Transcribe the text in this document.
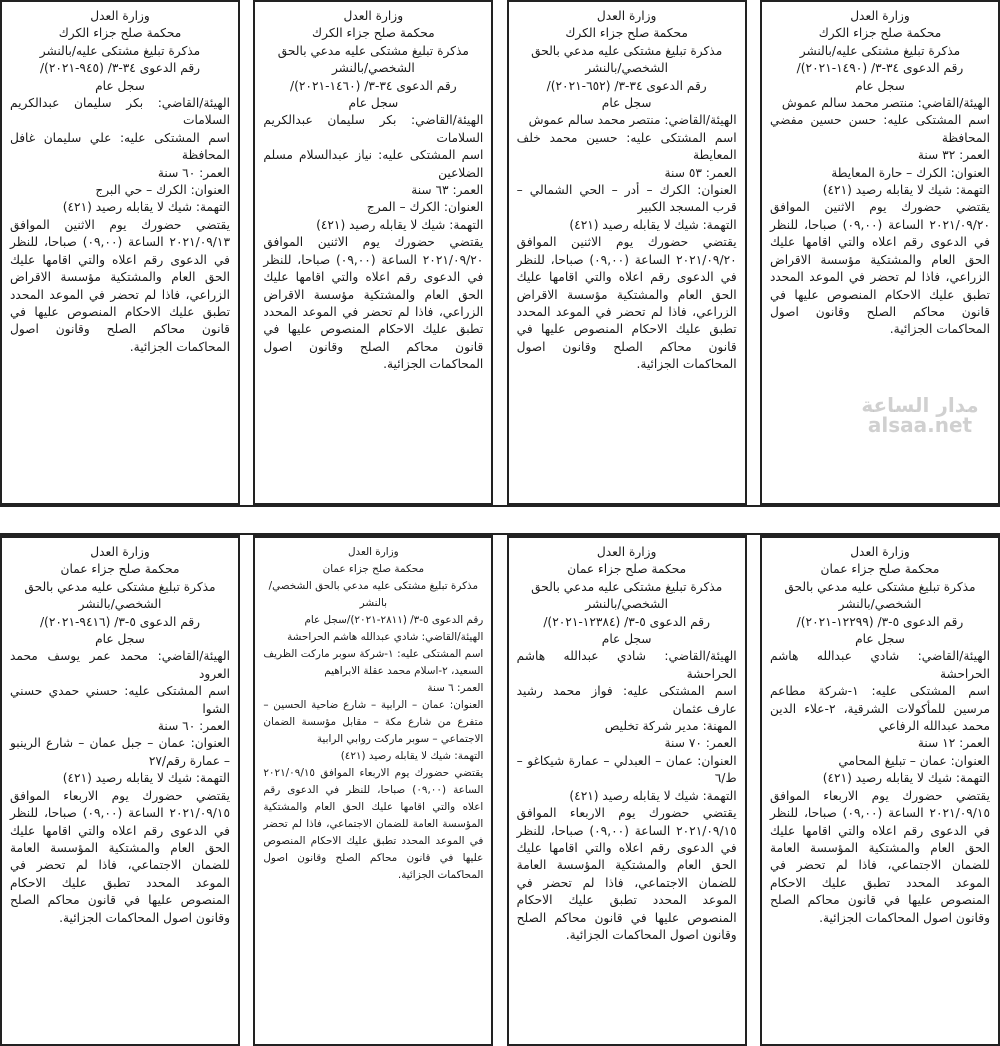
وزارة العدل
محكمة صلح جزاء الكرك
مذكرة تبليغ مشتكى عليه/بالنشر
رقم الدعوى ٣٤-٣/ (١٤٩٠-٢٠٢١)/
سجل عام
الهيئة/القاضي: منتصر محمد سالم عموش
اسم المشتكى عليه: حسن حسين مفضي المحافظة
العمر: ٣٢ سنة
العنوان: الكرك – حارة المعايطة
التهمة: شيك لا يقابله رصيد (٤٢١)
يقتضي حضورك يوم الاثنين الموافق ٢٠٢١/٠٩/٢٠ الساعة (٠٩,٠٠) صباحا، للنظر في الدعوى رقم اعلاه والتي اقامها عليك الحق العام والمشتكية مؤسسة الاقراض الزراعي، فاذا لم تحضر في الموعد المحدد تطبق عليك الاحكام المنصوص عليها في قانون محاكم الصلح وقانون اصول المحاكمات الجزائية.
وزارة العدل
محكمة صلح جزاء الكرك
مذكرة تبليغ مشتكى عليه مدعي بالحق الشخصي/بالنشر
رقم الدعوى ٣٤-٣/ (٦٥٢-٢٠٢١)/
سجل عام
الهيئة/القاضي: منتصر محمد سالم عموش
اسم المشتكى عليه: حسين محمد خلف المعايطة
العمر: ٥٣ سنة
العنوان: الكرك – أدر – الحي الشمالي – قرب المسجد الكبير
التهمة: شيك لا يقابله رصيد (٤٢١)
يقتضي حضورك يوم الاثنين الموافق ٢٠٢١/٠٩/٢٠ الساعة (٠٩,٠٠) صباحا، للنظر في الدعوى رقم اعلاه والتي اقامها عليك الحق العام والمشتكية مؤسسة الاقراض الزراعي، فاذا لم تحضر في الموعد المحدد تطبق عليك الاحكام المنصوص عليها في قانون محاكم الصلح وقانون اصول المحاكمات الجزائية.
وزارة العدل
محكمة صلح جزاء الكرك
مذكرة تبليغ مشتكى عليه مدعي بالحق الشخصي/بالنشر
رقم الدعوى ٣٤-٣/ (١٤٦٠-٢٠٢١)/
سجل عام
الهيئة/القاضي: بكر سليمان عبدالكريم السلامات
اسم المشتكى عليه: نياز عبدالسلام مسلم الضلاعين
العمر: ٦٣ سنة
العنوان: الكرك – المرج
التهمة: شيك لا يقابله رصيد (٤٢١)
يقتضي حضورك يوم الاثنين الموافق ٢٠٢١/٠٩/٢٠ الساعة (٠٩,٠٠) صباحا، للنظر في الدعوى رقم اعلاه والتي اقامها عليك الحق العام والمشتكية مؤسسة الاقراض الزراعي، فاذا لم تحضر في الموعد المحدد تطبق عليك الاحكام المنصوص عليها في قانون محاكم الصلح وقانون اصول المحاكمات الجزائية.
وزارة العدل
محكمة صلح جزاء الكرك
مذكرة تبليغ مشتكى عليه/بالنشر
رقم الدعوى ٣٤-٣/ (٩٤٥-٢٠٢١)/
سجل عام
الهيئة/القاضي: بكر سليمان عبدالكريم السلامات
اسم المشتكى عليه: علي سليمان غافل المحافظة
العمر: ٦٠ سنة
العنوان: الكرك – حي البرج
التهمة: شيك لا يقابله رصيد (٤٢١)
يقتضي حضورك يوم الاثنين الموافق ٢٠٢١/٠٩/١٣ الساعة (٠٩,٠٠) صباحا، للنظر في الدعوى رقم اعلاه والتي اقامها عليك الحق العام والمشتكية مؤسسة الاقراض الزراعي، فاذا لم تحضر في الموعد المحدد تطبق عليك الاحكام المنصوص عليها في قانون محاكم الصلح وقانون اصول المحاكمات الجزائية.
وزارة العدل
محكمة صلح جزاء عمان
مذكرة تبليغ مشتكى عليه مدعي بالحق الشخصي/بالنشر
رقم الدعوى ٥-٣/ (١٢٢٩٩-٢٠٢١)/
سجل عام
الهيئة/القاضي: شادي عبدالله هاشم الحراحشة
اسم المشتكى عليه: ١-شركة مطاعم مرسين للمأكولات الشرقية، ٢-علاء الدين محمد عبدالله الرفاعي
العمر: ١٢ سنة
العنوان: عمان – تبليغ المحامي
التهمة: شيك لا يقابله رصيد (٤٢١)
يقتضي حضورك يوم الاربعاء الموافق ٢٠٢١/٠٩/١٥ الساعة (٠٩,٠٠) صباحا، للنظر في الدعوى رقم اعلاه والتي اقامها عليك الحق العام والمشتكية المؤسسة العامة للضمان الاجتماعي، فاذا لم تحضر في الموعد المحدد تطبق عليك الاحكام المنصوص عليها في قانون محاكم الصلح وقانون اصول المحاكمات الجزائية.
وزارة العدل
محكمة صلح جزاء عمان
مذكرة تبليغ مشتكى عليه مدعي بالحق الشخصي/بالنشر
رقم الدعوى ٥-٣/ (١٢٣٨٤-٢٠٢١)/
سجل عام
الهيئة/القاضي: شادي عبدالله هاشم الحراحشة
اسم المشتكى عليه: فواز محمد رشيد عارف عثمان
المهنة: مدير شركة تخليص
العمر: ٧٠ سنة
العنوان: عمان – العبدلي – عمارة شيكاغو – ط/٦
التهمة: شيك لا يقابله رصيد (٤٢١)
يقتضي حضورك يوم الاربعاء الموافق ٢٠٢١/٠٩/١٥ الساعة (٠٩,٠٠) صباحا، للنظر في الدعوى رقم اعلاه والتي اقامها عليك الحق العام والمشتكية المؤسسة العامة للضمان الاجتماعي، فاذا لم تحضر في الموعد المحدد تطبق عليك الاحكام المنصوص عليها في قانون محاكم الصلح وقانون اصول المحاكمات الجزائية.
وزارة العدل
محكمة صلح جزاء عمان
مذكرة تبليغ مشتكى عليه مدعي بالحق الشخصي/بالنشر
رقم الدعوى ٥-٣/ (٢٨١١-٢٠٢١)/سجل عام
الهيئة/القاضي: شادي عبدالله هاشم الحراحشة
اسم المشتكى عليه: ١-شركة سوبر ماركت الظريف السعيد، ٢-اسلام محمد عقلة الابراهيم
العمر: ٦ سنة
العنوان: عمان – الرابية – شارع ضاحية الحسين – متفرع من شارع مكة – مقابل مؤسسة الضمان الاجتماعي – سوبر ماركت روابي الرابية
التهمة: شيك لا يقابله رصيد (٤٢١)
يقتضي حضورك يوم الاربعاء الموافق ٢٠٢١/٠٩/١٥ الساعة (٠٩,٠٠) صباحا، للنظر في الدعوى رقم اعلاه والتي اقامها عليك الحق العام والمشتكية المؤسسة العامة للضمان الاجتماعي، فاذا لم تحضر في الموعد المحدد تطبق عليك الاحكام المنصوص عليها في قانون محاكم الصلح وقانون اصول المحاكمات الجزائية.
وزارة العدل
محكمة صلح جزاء عمان
مذكرة تبليغ مشتكى عليه مدعي بالحق الشخصي/بالنشر
رقم الدعوى ٥-٣/ (٩٤١٦-٢٠٢١)/
سجل عام
الهيئة/القاضي: محمد عمر يوسف محمد العرود
اسم المشتكى عليه: حسني حمدي حسني الشوا
العمر: ٦٠ سنة
العنوان: عمان – جبل عمان – شارع الرينبو – عمارة رقم/٢٧
التهمة: شيك لا يقابله رصيد (٤٢١)
يقتضي حضورك يوم الاربعاء الموافق ٢٠٢١/٠٩/١٥ الساعة (٠٩,٠٠) صباحا، للنظر في الدعوى رقم اعلاه والتي اقامها عليك الحق العام والمشتكية المؤسسة العامة للضمان الاجتماعي، فاذا لم تحضر في الموعد المحدد تطبق عليك الاحكام المنصوص عليها في قانون محاكم الصلح وقانون اصول المحاكمات الجزائية.
مدار الساعة
alsaa.net
